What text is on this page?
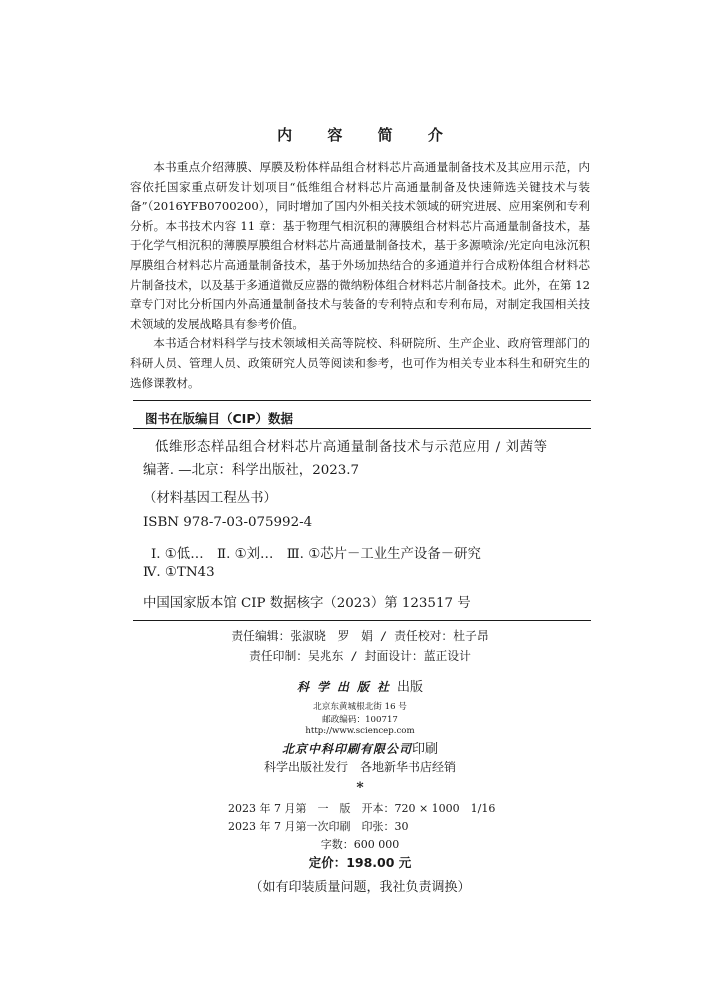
内 容 简 介

本书重点介绍薄膜、厚膜及粉体样品组合材料芯片高通量制备技术及其应用示范，内容依托国家重点研发计划项目“低维组合材料芯片高通量制备及快速筛选关键技术与装备”（2016YFB0700200），同时增加了国内外相关技术领域的研究进展、应用案例和专利分析。本书技术内容 11 章：基于物理气相沉积的薄膜组合材料芯片高通量制备技术，基于化学气相沉积的薄膜厚膜组合材料芯片高通量制备技术，基于多源喷涂/光定向电泳沉积厚膜组合材料芯片高通量制备技术，基于外场加热结合的多通道并行合成粉体组合材料芯片制备技术，以及基于多通道微反应器的微纳粉体组合材料芯片制备技术。此外，在第 12 章专门对比分析国内外高通量制备技术与装备的专利特点和专利布局，对制定我国相关技术领域的发展战略具有参考价值。

本书适合材料科学与技术领域相关高等院校、科研院所、生产企业、政府管理部门的科研人员、管理人员、政策研究人员等阅读和参考，也可作为相关专业本科生和研究生的选修课教材。

图书在版编目（CIP）数据
低维形态样品组合材料芯片高通量制备技术与示范应用 / 刘茜等
编著. —北京：科学出版社，2023.7
（材料基因工程丛书）
ISBN 978-7-03-075992-4
Ⅰ. ①低…　Ⅱ. ①刘…　Ⅲ. ①芯片－工业生产设备－研究
Ⅳ. ①TN43
中国国家版本馆 CIP 数据核字（2023）第 123517 号
责任编辑：张淑晓　罗　娟 / 责任校对：杜子昂
责任印制：吴兆东 / 封面设计：蓝正设计
科学出版社出版
北京东黄城根北街 16 号
邮政编码：100717
http://www.sciencep.com
北京中科印刷有限公司印刷
科学出版社发行　各地新华书店经销
*
2023 年 7 月第　一　版　开本：720 × 1000　1/16
2023 年 7 月第一次印刷　印张：30
字数：600 000
定价：198.00 元
（如有印装质量问题，我社负责调换）
